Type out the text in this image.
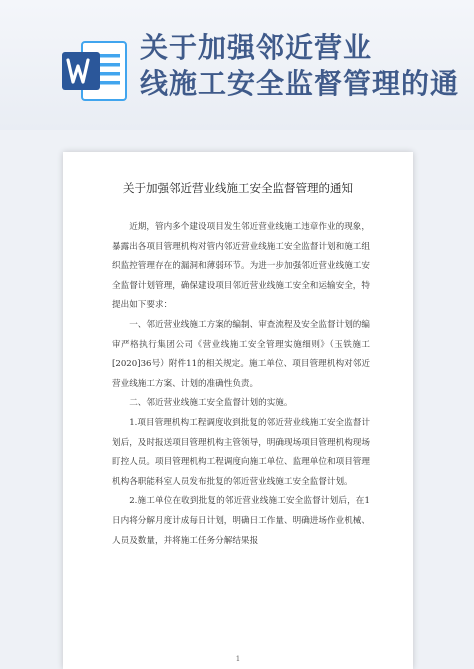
关于加强邻近营业
线施工安全监督管理的通
关于加强邻近营业线施工安全监督管理的通知

近期，管内多个建设项目发生邻近营业线施工违章作业的现象，暴露出各项目管理机构对管内邻近营业线施工安全监督计划和施工组织监控管理存在的漏洞和薄弱环节。为进一步加强邻近营业线施工安全监督计划管理，确保建设项目邻近营业线施工安全和运输安全，特提出如下要求：

一、邻近营业线施工方案的编制、审查流程及安全监督计划的编审严格执行集团公司《营业线施工安全管理实施细则》（玉铁施工[2020]36号）附件11的相关规定。施工单位、项目管理机构对邻近营业线施工方案、计划的准确性负责。

二、邻近营业线施工安全监督计划的实施。

1.项目管理机构工程调度收到批复的邻近营业线施工安全监督计划后，及时报送项目管理机构主管领导，明确现场项目管理机构现场盯控人员。项目管理机构工程调度向施工单位、监理单位和项目管理机构各职能科室人员发布批复的邻近营业线施工安全监督计划。

2.施工单位在收到批复的邻近营业线施工安全监督计划后，在1日内将分解月度计成每日计划，明确日工作量、明确进场作业机械、人员及数量，并将施工任务分解结果报

1
